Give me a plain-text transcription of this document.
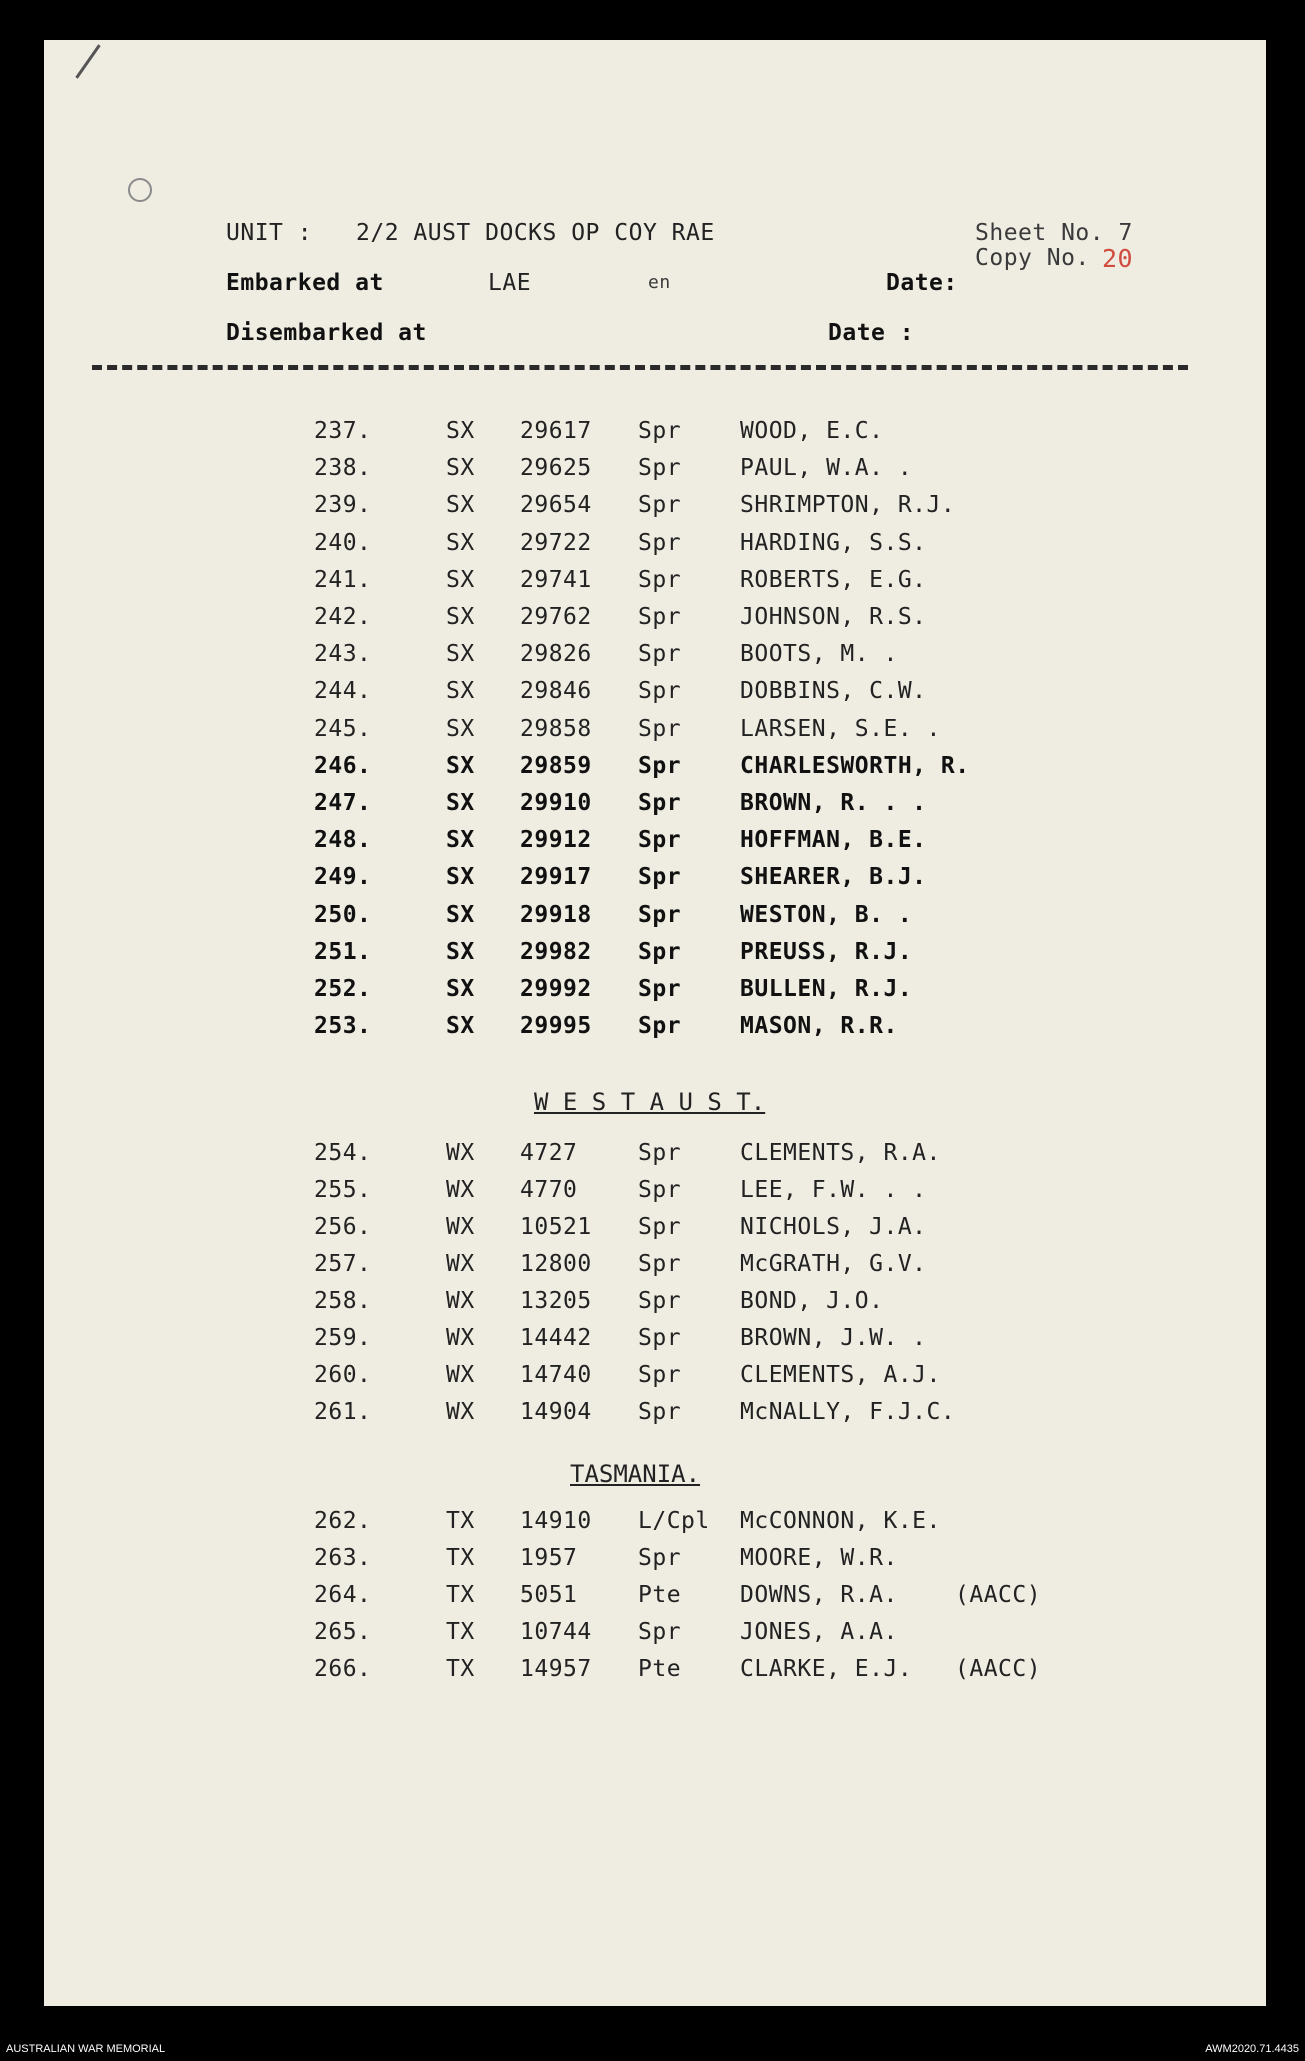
UNIT : 2/2 AUST DOCKS OP COY RAE	Sheet No. 7
Copy No. 20
Embarked at	LAE	en	Date:
Disembarked at	Date :
237.	SX 29617 Spr	WOOD, E.C.
238.	SX 29625 Spr	PAUL, W.A. .
239.	SX 29654 Spr	SHRIMPTON, R.J.
240.	SX 29722 Spr	HARDING, S.S.
241.	SX 29741 Spr	ROBERTS, E.G.
242.	SX 29762 Spr	JOHNSON, R.S.
243.	SX 29826 Spr	BOOTS, M. .
244.	SX 29846 Spr	DOBBINS, C.W.
245.	SX 29858 Spr	LARSEN, S.E. .
246.	SX 29859 Spr	CHARLESWORTH, R.
247.	SX 29910 Spr	BROWN, R. . .
248.	SX 29912 Spr	HOFFMAN, B.E.
249.	SX 29917 Spr	SHEARER, B.J.
250.	SX 29918 Spr	WESTON, B. .
251.	SX 29982 Spr	PREUSS, R.J.
252.	SX 29992 Spr	BULLEN, R.J.
253.	SX 29995 Spr	MASON, R.R.
W E S T A U S T.
254.	WX 4727	Spr	CLEMENTS, R.A.
255.	WX 4770	Spr	LEE, F.W. . .
256.	WX 10521 Spr	NICHOLS, J.A.
257.	WX 12800 Spr	McGRATH, G.V.
258.	WX 13205 Spr	BOND, J.O.
259.	WX 14442 Spr	BROWN, J.W. .
260.	WX 14740 Spr	CLEMENTS, A.J.
261.	WX 14904 Spr	McNALLY, F.J.C.
TASMANIA.
262.	TX 14910 L/Cpl McCONNON, K.E.
263.	TX 1957	Spr	MOORE, W.R.
264.	TX 5051	Pte	DOWNS, R.A. (AACC)
265.	TX 10744 Spr	JONES, A.A.
266.	TX 14957 Pte	CLARKE, E.J. (AACC)
AUSTRALIAN WAR MEMORIAL	AWM2020.71.4435
